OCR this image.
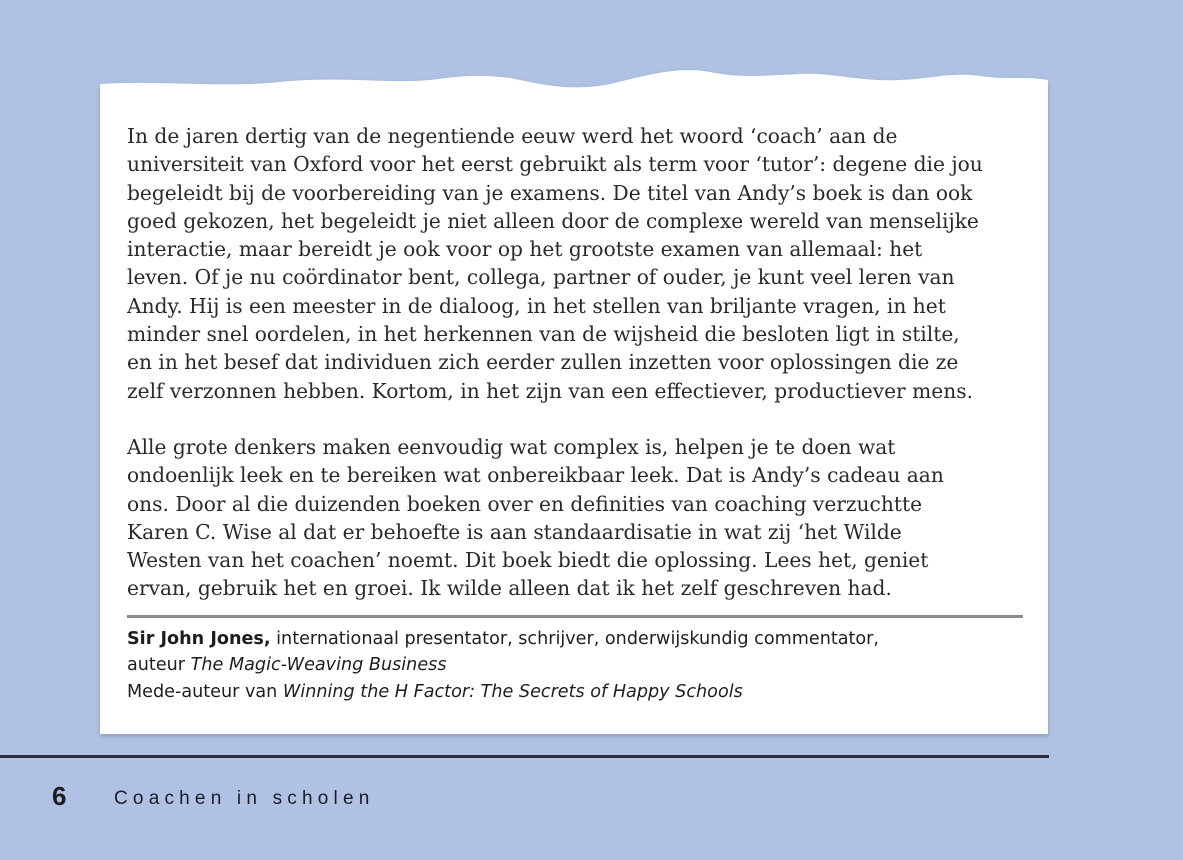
In de jaren dertig van de negentiende eeuw werd het woord ‘coach’ aan de

universiteit van Oxford voor het eerst gebruikt als term voor ‘tutor’: degene die jou

begeleidt bij de voorbereiding van je examens. De titel van Andy’s boek is dan ook

goed gekozen, het begeleidt je niet alleen door de complexe wereld van menselijke

interactie, maar bereidt je ook voor op het grootste examen van allemaal: het

leven. Of je nu coördinator bent, collega, partner of ouder, je kunt veel leren van

Andy. Hij is een meester in de dialoog, in het stellen van briljante vragen, in het

minder snel oordelen, in het herkennen van de wijsheid die besloten ligt in stilte,

en in het besef dat individuen zich eerder zullen inzetten voor oplossingen die ze

zelf verzonnen hebben. Kortom, in het zijn van een effectiever, productiever mens.

Alle grote denkers maken eenvoudig wat complex is, helpen je te doen wat

ondoenlijk leek en te bereiken wat onbereikbaar leek. Dat is Andy’s cadeau aan

ons. Door al die duizenden boeken over en definities van coaching verzuchtte

Karen C. Wise al dat er behoefte is aan standaardisatie in wat zij ‘het Wilde

Westen van het coachen’ noemt. Dit boek biedt die oplossing. Lees het, geniet

ervan, gebruik het en groei. Ik wilde alleen dat ik het zelf geschreven had.

Sir John Jones, internationaal presentator, schrijver, onderwijskundig commentator,
auteur The Magic-Weaving Business
Mede-auteur van Winning the H Factor: The Secrets of Happy Schools
6	Coachen in scholen
